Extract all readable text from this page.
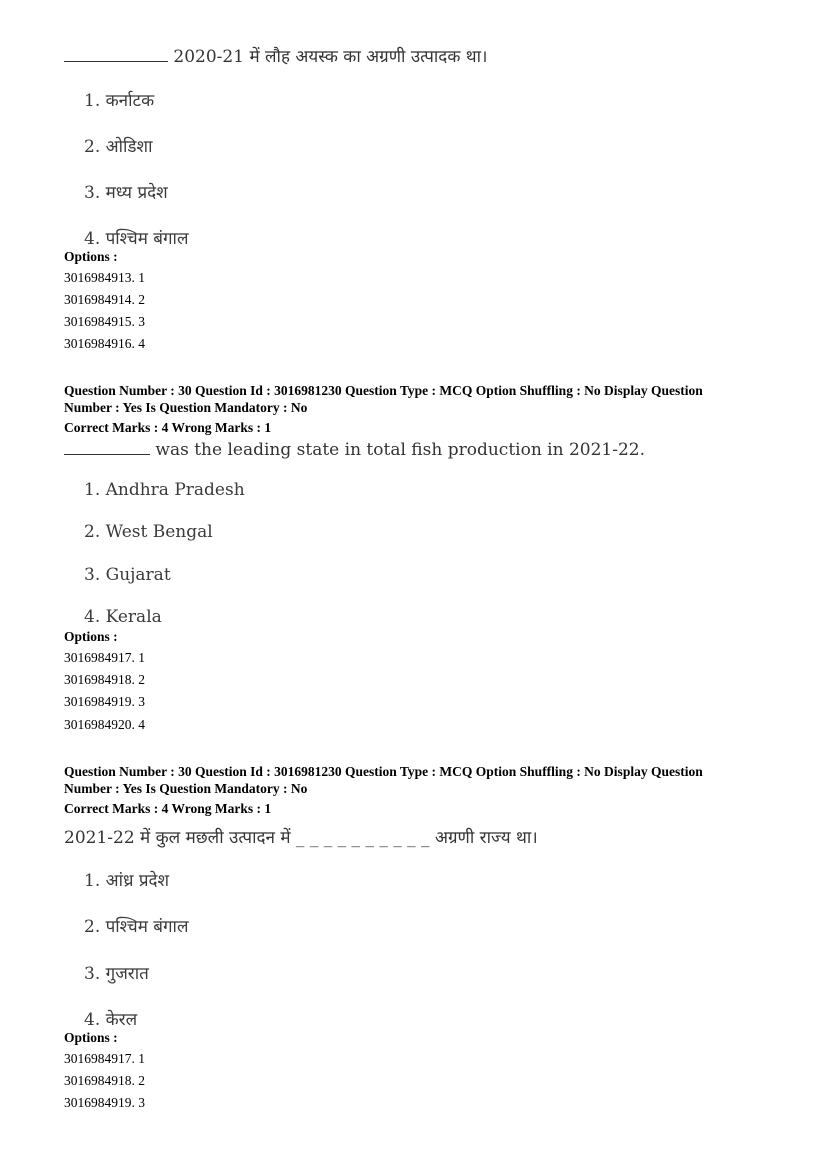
2020-21 में लौह अयस्क का अग्रणी उत्पादक था।
1. कर्नाटक
2. ओडिशा
3. मध्य प्रदेश
4. पश्चिम बंगाल
Options :
3016984913. 1
3016984914. 2
3016984915. 3
3016984916. 4
Question Number : 30 Question Id : 3016981230 Question Type : MCQ Option Shuffling : No Display Question
Number : Yes Is Question Mandatory : No
Correct Marks : 4 Wrong Marks : 1
was the leading state in total fish production in 2021-22.
1. Andhra Pradesh
2. West Bengal
3. Gujarat
4. Kerala
Options :
3016984917. 1
3016984918. 2
3016984919. 3
3016984920. 4
Question Number : 30 Question Id : 3016981230 Question Type : MCQ Option Shuffling : No Display Question
Number : Yes Is Question Mandatory : No
Correct Marks : 4 Wrong Marks : 1
2021-22 में कुल मछली उत्पादन में _ _ _ _ _ _ _ _ _ _ अग्रणी राज्य था।
1. आंध्र प्रदेश
2. पश्चिम बंगाल
3. गुजरात
4. केरल
Options :
3016984917. 1
3016984918. 2
3016984919. 3
